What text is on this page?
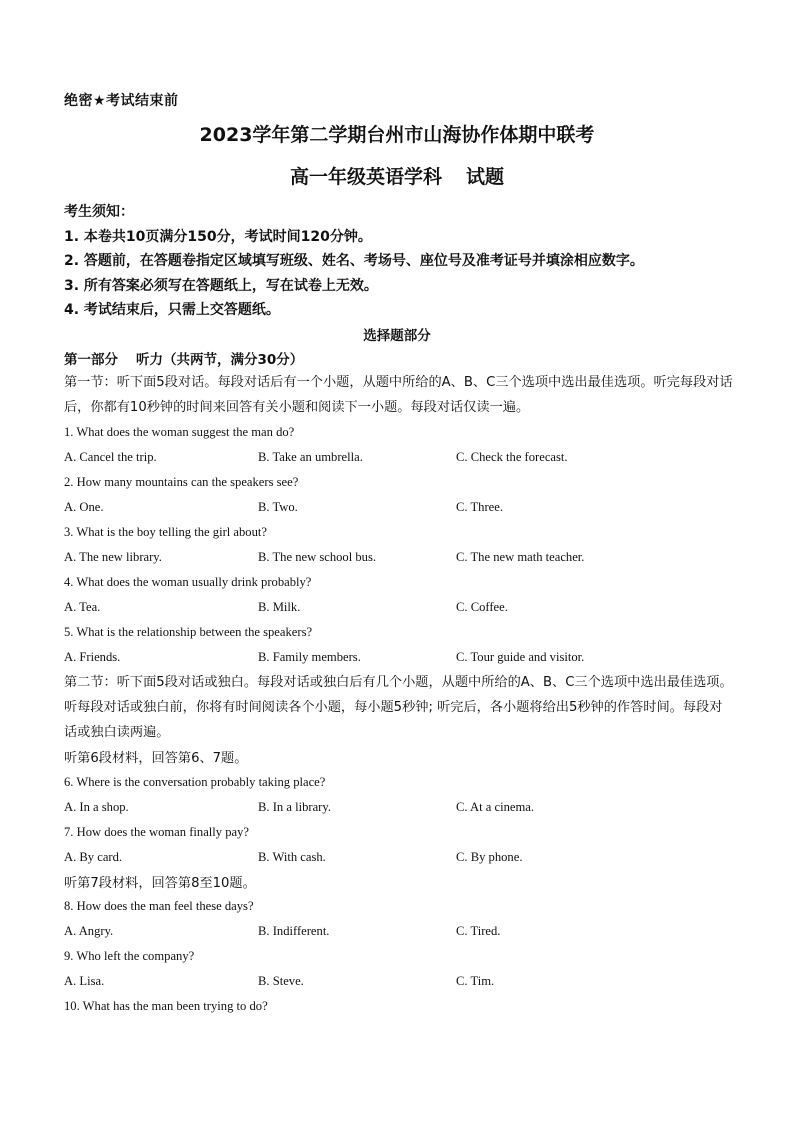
绝密★考试结束前
2023学年第二学期台州市山海协作体期中联考
高一年级英语学科 试题
考生须知：
1. 本卷共10页满分150分，考试时间120分钟。
2. 答题前，在答题卷指定区域填写班级、姓名、考场号、座位号及准考证号并填涂相应数字。
3. 所有答案必须写在答题纸上，写在试卷上无效。
4. 考试结束后，只需上交答题纸。
选择题部分
第一部分 听力（共两节，满分30分）
第一节：听下面5段对话。每段对话后有一个小题，从题中所给的A、B、C三个选项中选出最佳选项。听完每段对话后，你都有10秒钟的时间来回答有关小题和阅读下一小题。每段对话仅读一遍。
1. What does the woman suggest the man do?
A. Cancel the trip.	B. Take an umbrella.	C. Check the forecast.
2. How many mountains can the speakers see?
A. One.	B. Two.	C. Three.
3. What is the boy telling the girl about?
A. The new library.	B. The new school bus.	C. The new math teacher.
4. What does the woman usually drink probably?
A. Tea.	B. Milk.	C. Coffee.
5. What is the relationship between the speakers?
A. Friends.	B. Family members.	C. Tour guide and visitor.
第二节：听下面5段对话或独白。每段对话或独白后有几个小题，从题中所给的A、B、C三个选项中选出最佳选项。听每段对话或独白前，你将有时间阅读各个小题，每小题5秒钟; 听完后，各小题将给出5秒钟的作答时间。每段对话或独白读两遍。
听第6段材料，回答第6、7题。
6. Where is the conversation probably taking place?
A. In a shop.	B. In a library.	C. At a cinema.
7. How does the woman finally pay?
A. By card.	B. With cash.	C. By phone.
听第7段材料，回答第8至10题。
8. How does the man feel these days?
A. Angry.	B. Indifferent.	C. Tired.
9. Who left the company?
A. Lisa.	B. Steve.	C. Tim.
10. What has the man been trying to do?
